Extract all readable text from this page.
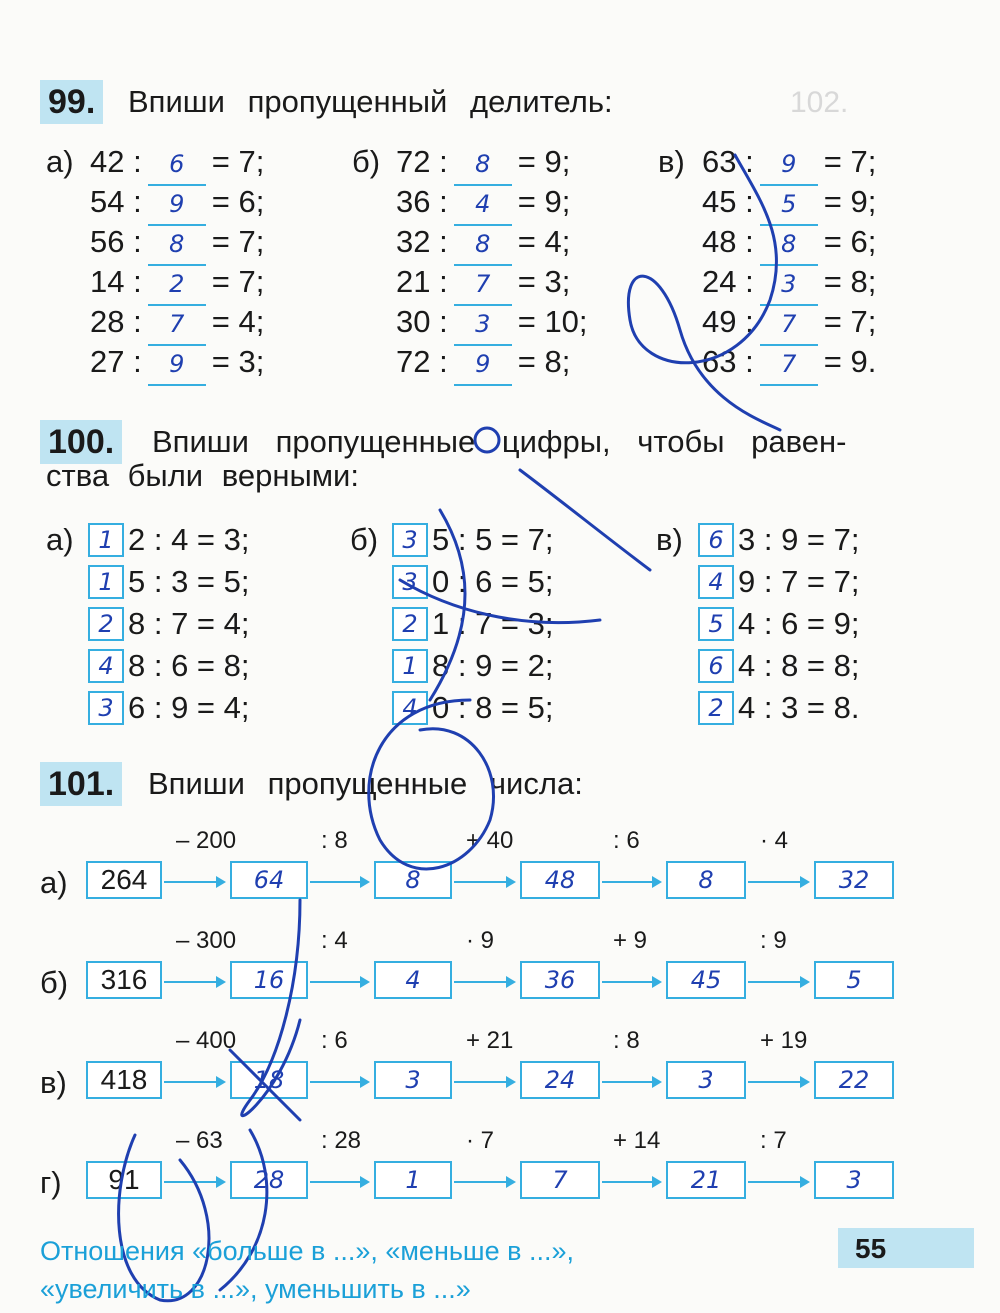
102.
99. Впиши пропущенный делитель:
а) 42 : 6 = 7;
54 : 9 = 6;
56 : 8 = 7;
14 : 2 = 7;
28 : 7 = 4;
27 : 9 = 3;
б) 72 : 8 = 9;
36 : 4 = 9;
32 : 8 = 4;
21 : 7 = 3;
30 : 3 = 10;
72 : 9 = 8;
в) 63 : 9 = 7;
45 : 5 = 9;
48 : 8 = 6;
24 : 3 = 8;
49 : 7 = 7;
63 : 7 = 9.
100. Впиши пропущенные цифры, чтобы равен-
ства были верными:
а)	1 2 : 4 = 3;
1 5 : 3 = 5;
2 8 : 7 = 4;
4 8 : 6 = 8;
3 6 : 9 = 4;
б)	3 5 : 5 = 7;
3 0 : 6 = 5;
2 1 : 7 = 3;
1 8 : 9 = 2;
4 0 : 8 = 5;
в)	6 3 : 9 = 7;
4 9 : 7 = 7;
5 4 : 6 = 9;
6 4 : 8 = 8;
2 4 : 3 = 8.
101. Впиши пропущенные числа:
а)	264
– 200
64
: 8
8
+ 40
48
: 6
8
· 4
32
б)	316
– 300
16
: 4
4
· 9
36
+ 9
45
: 9
5
в)	418
– 400
18
: 6
3
+ 21
24
: 8
3
+ 19
22
г)	91
– 63
28
: 28
1
· 7
7
+ 14
21
: 7
3
Отношения «больше в ...», «меньше в ...»,
«увеличить в ...», уменьшить в ...»
55
